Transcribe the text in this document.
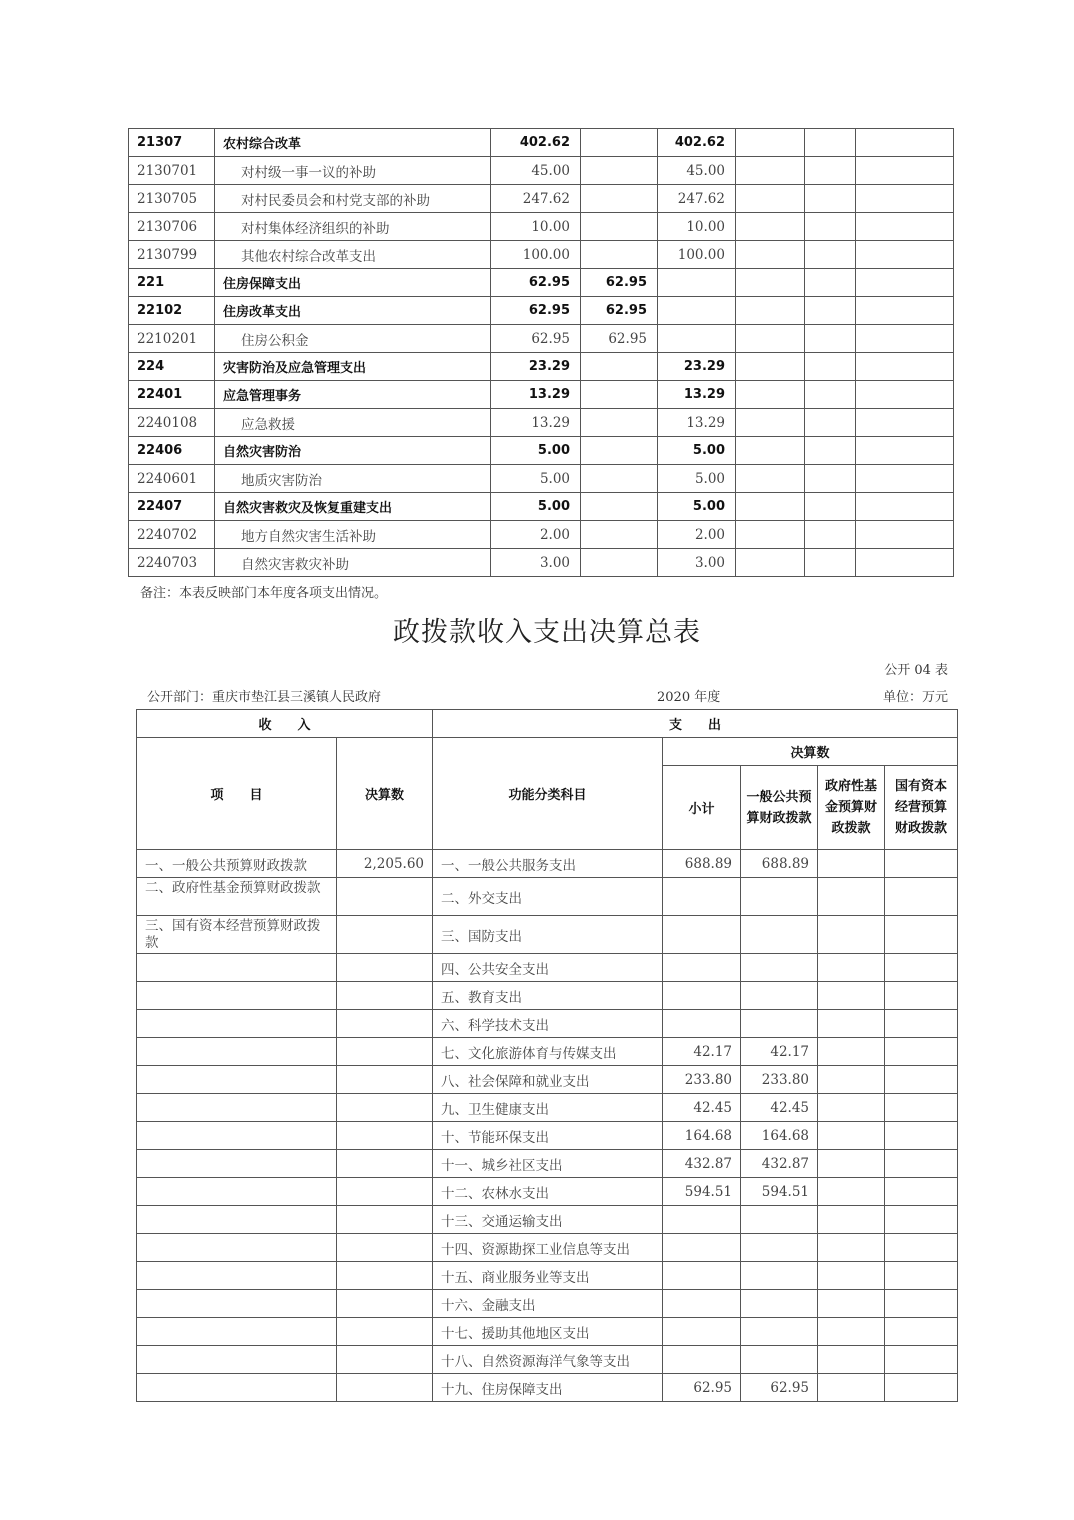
21307	农村综合改革	402.62		402.62			
2130701	对村级一事一议的补助	45.00		45.00			
2130705	对村民委员会和村党支部的补助	247.62		247.62			
2130706	对村集体经济组织的补助	10.00		10.00			
2130799	其他农村综合改革支出	100.00		100.00			
221	住房保障支出	62.95	62.95				
22102	住房改革支出	62.95	62.95				
2210201	住房公积金	62.95	62.95				
224	灾害防治及应急管理支出	23.29		23.29			
22401	应急管理事务	13.29		13.29			
2240108	应急救援	13.29		13.29			
22406	自然灾害防治	5.00		5.00			
2240601	地质灾害防治	5.00		5.00			
22407	自然灾害救灾及恢复重建支出	5.00		5.00			
2240702	地方自然灾害生活补助	2.00		2.00			
2240703	自然灾害救灾补助	3.00		3.00			
备注：本表反映部门本年度各项支出情况。
政拨款收入支出决算总表
公开 04 表
公开部门：重庆市垫江县三溪镇人民政府	2020 年度	单位：万元
收　　入		支　　出				
项　　目	决算数	功能分类科目	决算数			
			小计	一般公共预算财政拨款	政府性基金预算财政拨款	国有资本经营预算财政拨款
一、一般公共预算财政拨款	2,205.60	一、一般公共服务支出	688.89	688.89		
二、政府性基金预算财政拨款		二、外交支出				
三、国有资本经营预算财政拨款		三、国防支出				
		四、公共安全支出				
		五、教育支出				
		六、科学技术支出				
		七、文化旅游体育与传媒支出	42.17	42.17		
		八、社会保障和就业支出	233.80	233.80		
		九、卫生健康支出	42.45	42.45		
		十、节能环保支出	164.68	164.68		
		十一、城乡社区支出	432.87	432.87		
		十二、农林水支出	594.51	594.51		
		十三、交通运输支出				
		十四、资源勘探工业信息等支出				
		十五、商业服务业等支出				
		十六、金融支出				
		十七、援助其他地区支出				
		十八、自然资源海洋气象等支出				
		十九、住房保障支出	62.95	62.95		
